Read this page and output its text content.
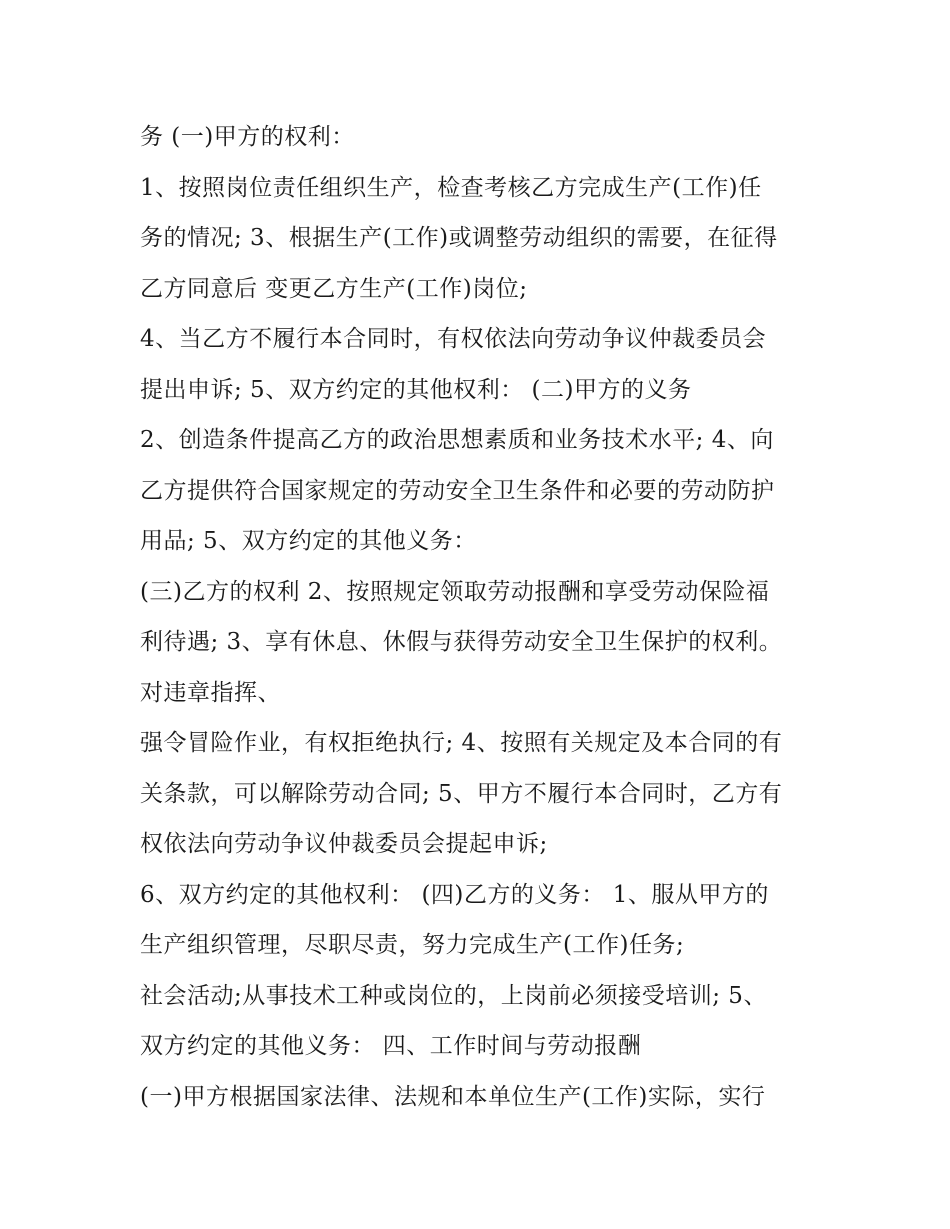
务 (一)甲方的权利：
1、按照岗位责任组织生产，检查考核乙方完成生产(工作)任
务的情况; 3、根据生产(工作)或调整劳动组织的需要，在征得
乙方同意后 变更乙方生产(工作)岗位;
4、当乙方不履行本合同时，有权依法向劳动争议仲裁委员会
提出申诉; 5、双方约定的其他权利： (二)甲方的义务
2、创造条件提高乙方的政治思想素质和业务技术水平; 4、向
乙方提供符合国家规定的劳动安全卫生条件和必要的劳动防护
用品; 5、双方约定的其他义务：
(三)乙方的权利 2、按照规定领取劳动报酬和享受劳动保险福
利待遇; 3、享有休息、休假与获得劳动安全卫生保护的权利。
对违章指挥、
强令冒险作业，有权拒绝执行; 4、按照有关规定及本合同的有
关条款，可以解除劳动合同; 5、甲方不履行本合同时，乙方有
权依法向劳动争议仲裁委员会提起申诉;
6、双方约定的其他权利： (四)乙方的义务： 1、服从甲方的
生产组织管理，尽职尽责，努力完成生产(工作)任务;
社会活动;从事技术工种或岗位的，上岗前必须接受培训; 5、
双方约定的其他义务： 四、工作时间与劳动报酬
(一)甲方根据国家法律、法规和本单位生产(工作)实际，实行
